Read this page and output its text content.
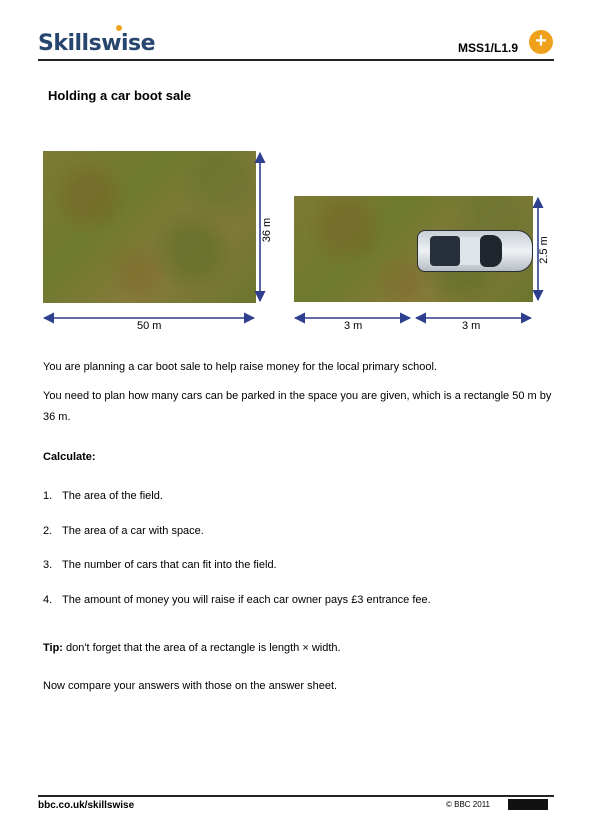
Skillswise	MSS1/L1.9 +
Holding a car boot sale
36 m
50 m
2.5 m
3 m	3 m
You are planning a car boot sale to help raise money for the local primary school.
You need to plan how many cars can be parked in the space you are given, which is a rectangle 50 m by 36 m.
Calculate:
1. The area of the field.
2. The area of a car with space.
3. The number of cars that can fit into the field.
4. The amount of money you will raise if each car owner pays £3 entrance fee.
Tip: don't forget that the area of a rectangle is length × width.
Now compare your answers with those on the answer sheet.
bbc.co.uk/skillswise	© BBC 2011
